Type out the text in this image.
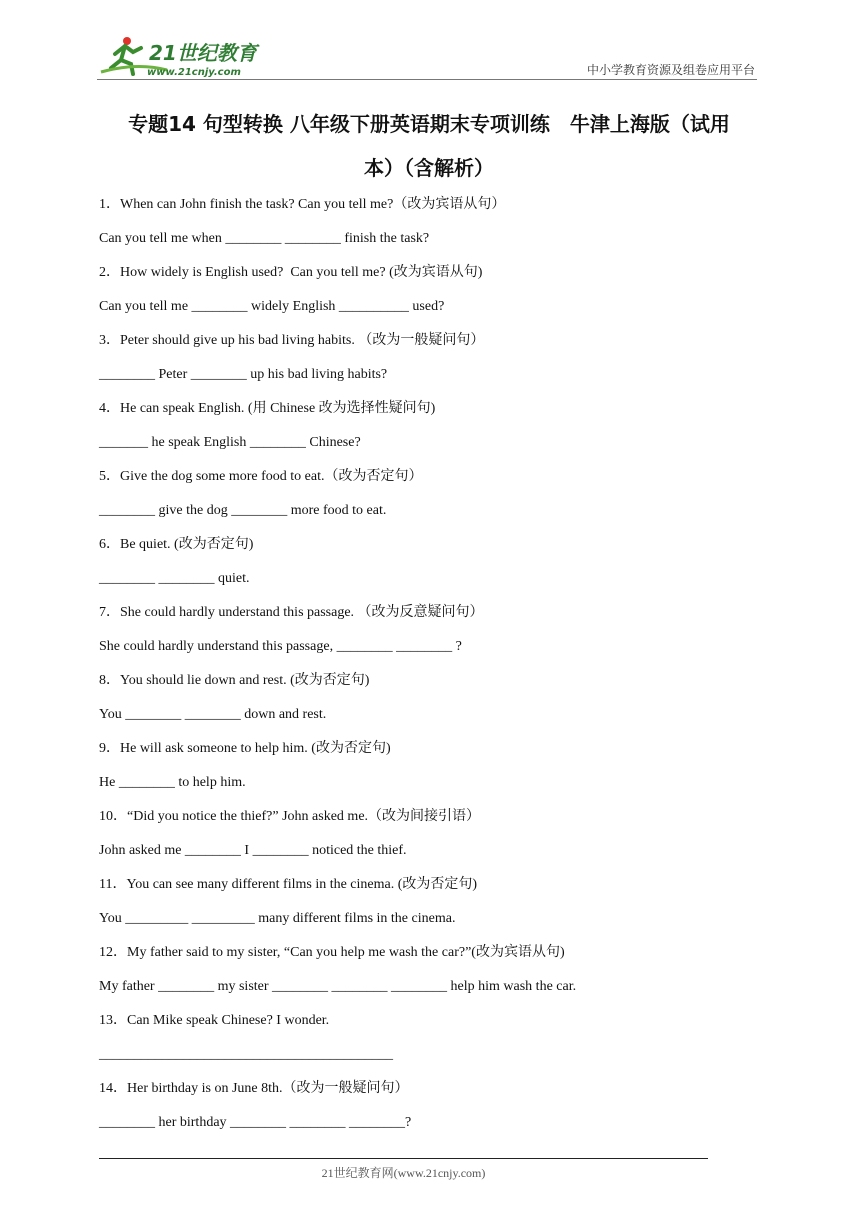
21世纪教育
www.21cnjy.com	中小学教育资源及组卷应用平台
专题14 句型转换 八年级下册英语期末专项训练　牛津上海版（试用
本）（含解析）
1．When can John finish the task? Can you tell me?（改为宾语从句）
Can you tell me when ________ ________ finish the task?
2．How widely is English used?  Can you tell me? (改为宾语从句)
Can you tell me ________ widely English __________ used?
3．Peter should give up his bad living habits. （改为一般疑问句）
________ Peter ________ up his bad living habits?
4．He can speak English. (用 Chinese 改为选择性疑问句)
_______ he speak English ________ Chinese?
5．Give the dog some more food to eat.（改为否定句）
________ give the dog ________ more food to eat.
6．Be quiet. (改为否定句)
________ ________ quiet.
7．She could hardly understand this passage. （改为反意疑问句）
She could hardly understand this passage, ________ ________ ?
8．You should lie down and rest. (改为否定句)
You ________ ________ down and rest.
9．He will ask someone to help him. (改为否定句)
He ________ to help him.
10．“Did you notice the thief?” John asked me.（改为间接引语）
John asked me ________ I ________ noticed the thief.
11．You can see many different films in the cinema. (改为否定句)
You _________ _________ many different films in the cinema.
12．My father said to my sister, “Can you help me wash the car?”(改为宾语从句)
My father ________ my sister ________ ________ ________ help him wash the car.
13．Can Mike speak Chinese? I wonder.
__________________________________________
14．Her birthday is on June 8th.（改为一般疑问句）
________ her birthday ________ ________ ________?
21世纪教育网(www.21cnjy.com)
